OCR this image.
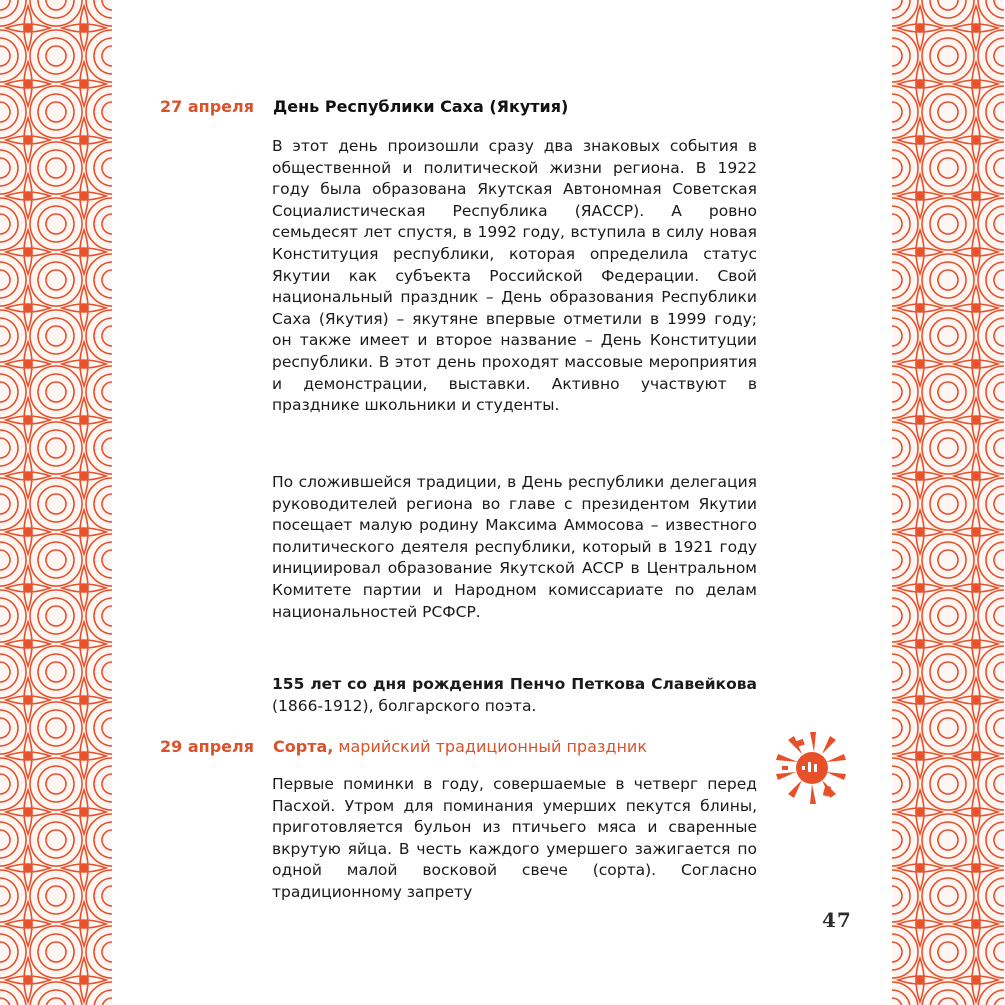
27 апреля	День Республики Саха (Якутия)

В этот день произошли сразу два знаковых события в общественной и политической жизни региона. В 1922 году была образована Якутская Автономная Советская Социалистическая Республика (ЯАССР). А ровно семьдесят лет спустя, в 1992 году, вступила в силу новая Конституция республики, которая определила статус Якутии как субъекта Российской Федерации. Свой национальный праздник – День образования Республики Саха (Якутия) – якутяне впервые отметили в 1999 году; он также имеет и второе название – День Конституции республики. В этот день проходят массовые мероприятия и демонстрации, выставки. Активно участвуют в празднике школьники и студенты.

По сложившейся традиции, в День республики делегация руководителей региона во главе с президентом Якутии посещает малую родину Максима Аммосова – известного политического деятеля республики, который в 1921 году инициировал образование Якутской АССР в Центральном Комитете партии и Народном комиссариате по делам национальностей РСФСР.

155 лет со дня рождения Пенчо Петкова Славейкова (1866-1912), болгарского поэта.

29 апреля	Сорта, марийский традиционный праздник

Первые поминки в году, совершаемые в четверг перед Пасхой. Утром для поминания умерших пекутся блины, приготовляется бульон из птичьего мяса и сваренные вкрутую яйца. В честь каждого умершего зажигается по одной малой восковой свече (сорта). Согласно традиционному запрету

47
